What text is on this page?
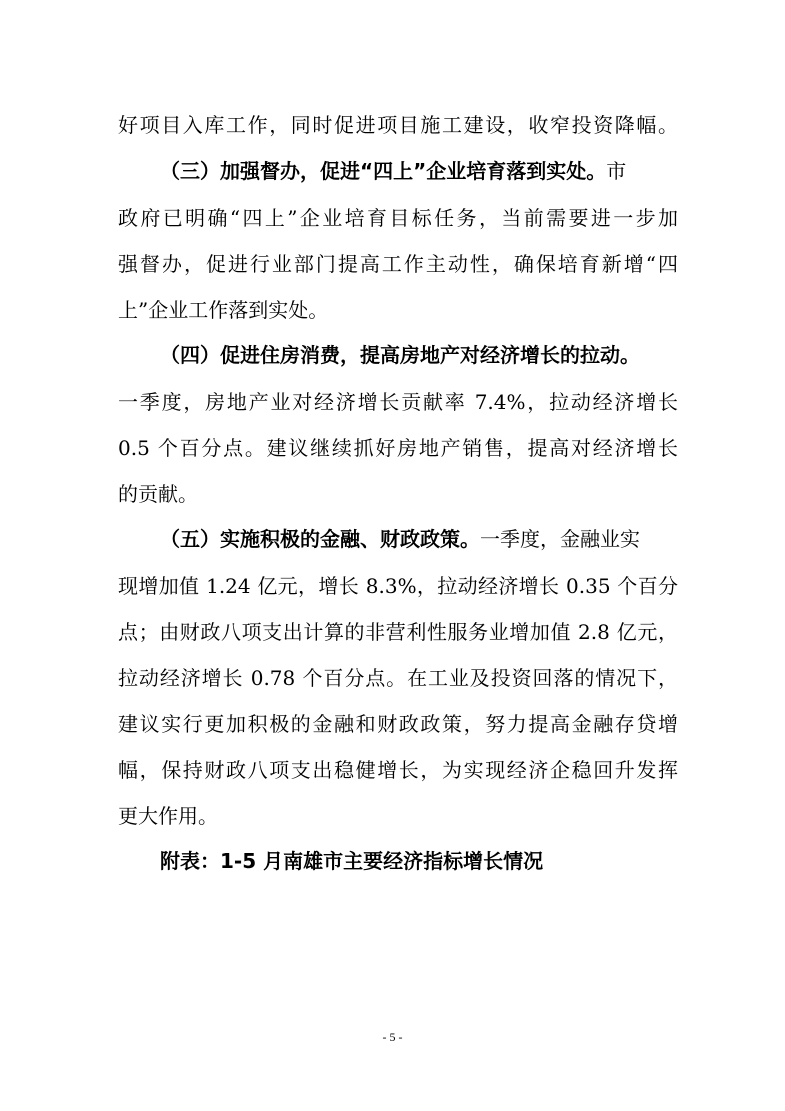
好项目入库工作，同时促进项目施工建设，收窄投资降幅。
（三）加强督办，促进“四上”企业培育落到实处。市
政府已明确“四上”企业培育目标任务，当前需要进一步加
强督办，促进行业部门提高工作主动性，确保培育新增“四
上”企业工作落到实处。
（四）促进住房消费，提高房地产对经济增长的拉动。
一季度，房地产业对经济增长贡献率 7.4%，拉动经济增长
0.5 个百分点。建议继续抓好房地产销售，提高对经济增长
的贡献。
（五）实施积极的金融、财政政策。一季度，金融业实
现增加值 1.24 亿元，增长 8.3%，拉动经济增长 0.35 个百分
点；由财政八项支出计算的非营利性服务业增加值 2.8 亿元，
拉动经济增长 0.78 个百分点。在工业及投资回落的情况下，
建议实行更加积极的金融和财政政策，努力提高金融存贷增
幅，保持财政八项支出稳健增长，为实现经济企稳回升发挥
更大作用。
附表：1-5 月南雄市主要经济指标增长情况
- 5 -
